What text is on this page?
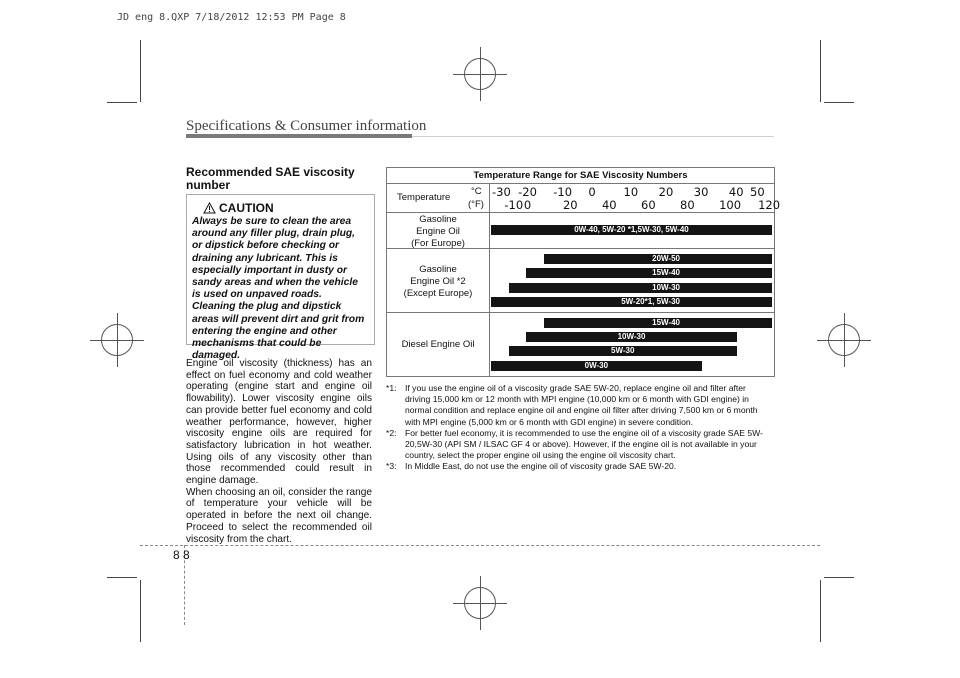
JD eng 8.QXP 7/18/2012 12:53 PM Page 8
Specifications & Consumer information
Recommended SAE viscosity number
CAUTION
Always be sure to clean the area around any filler plug, drain plug, or dipstick before checking or draining any lubricant. This is especially important in dusty or sandy areas and when the vehicle is used on unpaved roads. Cleaning the plug and dipstick areas will prevent dirt and grit from entering the engine and other mechanisms that could be damaged.

Engine oil viscosity (thickness) has an effect on fuel economy and cold weather operating (engine start and engine oil flowability). Lower viscosity engine oils can provide better fuel economy and cold weather performance, however, higher viscosity engine oils are required for satisfactory lubrication in hot weather. Using oils of any viscosity other than those recommended could result in engine damage.

When choosing an oil, consider the range of temperature your vehicle will be operated in before the next oil change. Proceed to select the recommended oil viscosity from the chart.

Temperature Range for SAE Viscosity Numbers
Temperature
°C
(°F)
-30 -20 -10 0 10 20 30 40 50
-10 0	20 40 60 80 100 120
Gasoline
Engine Oil
(For Europe)
Gasoline
Engine Oil *2
(Except Europe)
Diesel Engine Oil
0W-40, 5W-20 *1,5W-30, 5W-40
20W-50
15W-40
10W-30
5W-20*1, 5W-30
15W-40
10W-30
5W-30
0W-30
*1: If you use the engine oil of a viscosity grade SAE 5W-20, replace engine oil and filter after driving 15,000 km or 12 month with MPI engine (10,000 km or 6 month with GDI engine) in normal condition and replace engine oil and engine oil filter after driving 7,500 km or 6 month with MPI engine (5,000 km or 6 month with GDI engine) in severe condition.
*2: For better fuel economy, it is recommended to use the engine oil of a viscosity grade SAE 5W-20,5W-30 (API SM / ILSAC GF 4 or above). However, if the engine oil is not available in your country, select the proper engine oil using the engine oil viscosity chart.
*3: In Middle East, do not use the engine oil of viscosity grade SAE 5W-20.
8 8
